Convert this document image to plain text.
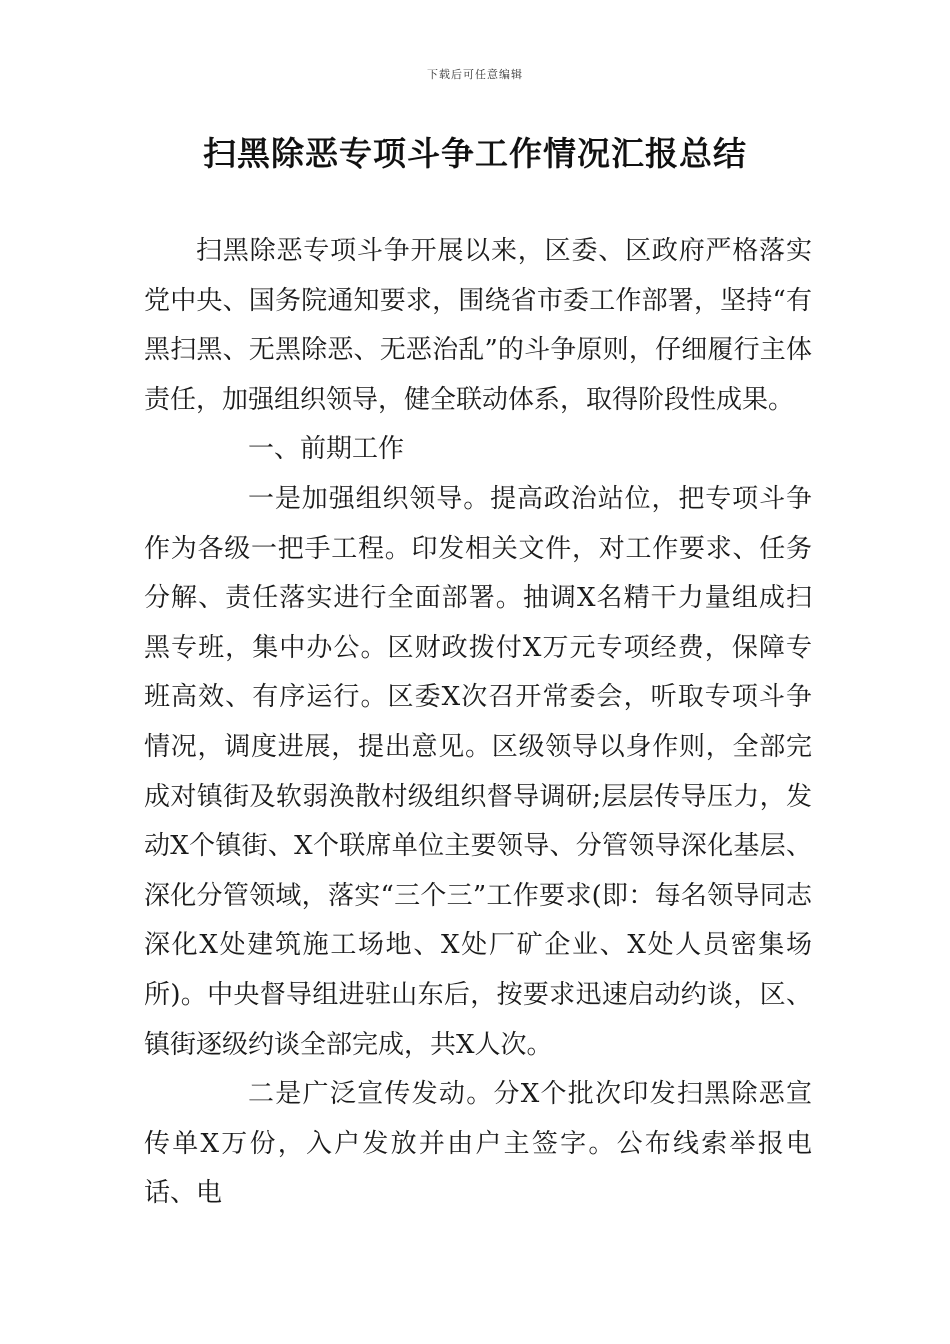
下载后可任意编辑
扫黑除恶专项斗争工作情况汇报总结

扫黑除恶专项斗争开展以来，区委、区政府严格落实党中央、国务院通知要求，围绕省市委工作部署，坚持“有黑扫黑、无黑除恶、无恶治乱”的斗争原则，仔细履行主体责任，加强组织领导，健全联动体系，取得阶段性成果。

一、前期工作

一是加强组织领导。提高政治站位，把专项斗争作为各级一把手工程。印发相关文件，对工作要求、任务分解、责任落实进行全面部署。抽调X名精干力量组成扫黑专班，集中办公。区财政拨付X万元专项经费，保障专班高效、有序运行。区委X次召开常委会，听取专项斗争情况，调度进展，提出意见。区级领导以身作则，全部完成对镇街及软弱涣散村级组织督导调研;层层传导压力，发动X个镇街、X个联席单位主要领导、分管领导深化基层、深化分管领域，落实“三个三”工作要求(即：每名领导同志深化X处建筑施工场地、X处厂矿企业、X处人员密集场所)。中央督导组进驻山东后，按要求迅速启动约谈，区、镇街逐级约谈全部完成，共X人次。

二是广泛宣传发动。分X个批次印发扫黑除恶宣传单X万份，入户发放并由户主签字。公布线索举报电话、电
